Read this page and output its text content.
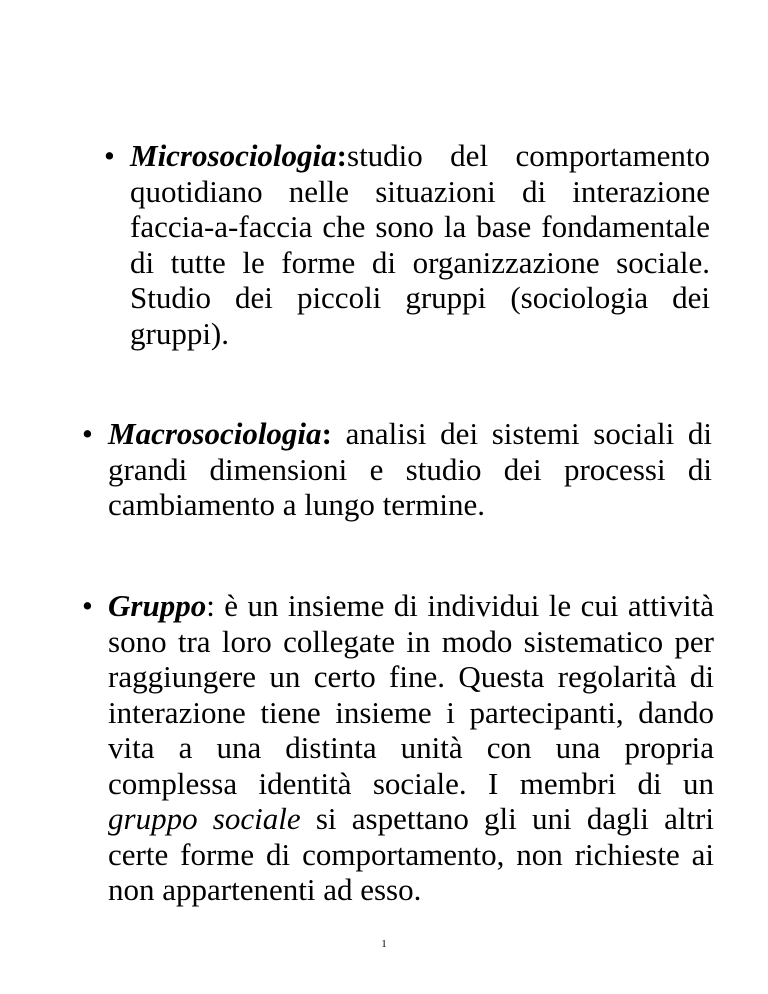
• Microsociologia:studio del comportamento quotidiano nelle situazioni di interazione faccia-a-faccia che sono la base fondamentale di tutte le forme di organizzazione sociale. Studio dei piccoli gruppi (sociologia dei gruppi).
• Macrosociologia: analisi dei sistemi sociali di grandi dimensioni e studio dei processi di cambiamento a lungo termine.
• Gruppo: è un insieme di individui le cui attività sono tra loro collegate in modo sistematico per raggiungere un certo fine. Questa regolarità di interazione tiene insieme i partecipanti, dando vita a una distinta unità con una propria complessa identità sociale. I membri di un gruppo sociale si aspettano gli uni dagli altri certe forme di comportamento, non richieste ai non appartenenti ad esso.
1
